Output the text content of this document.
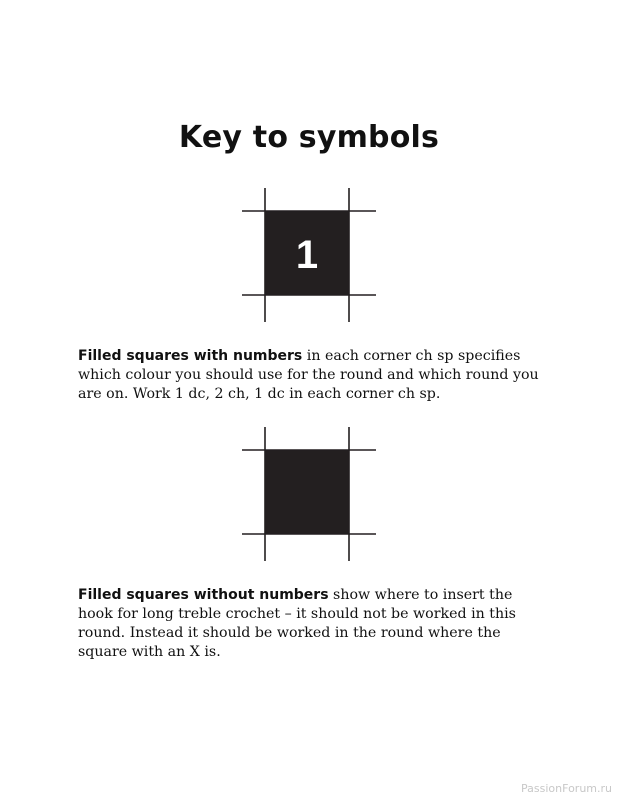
Key to symbols
1

Filled squares with numbers in each corner ch sp specifies which colour you should use for the round and which round you are on. Work 1 dc, 2 ch, 1 dc in each corner ch sp.

Filled squares without numbers show where to insert the hook for long treble crochet – it should not be worked in this round. Instead it should be worked in the round where the square with an X is.

PassionForum.ru
